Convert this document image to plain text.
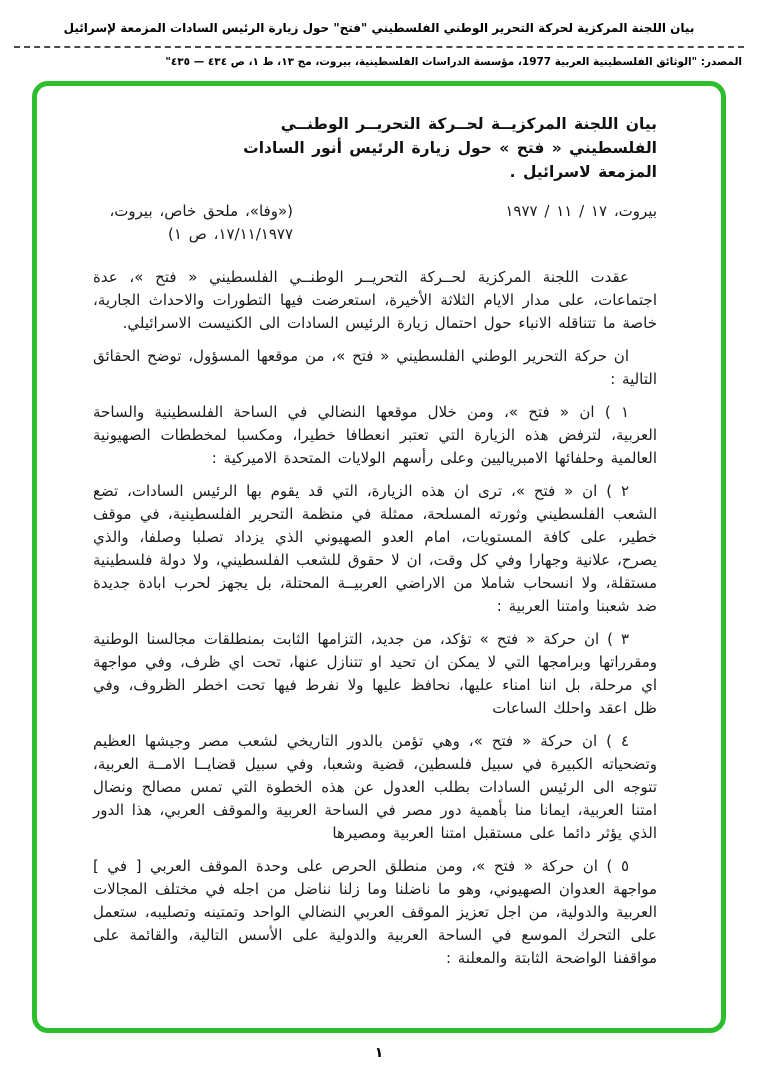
بيان اللجنة المركزية لحركة التحرير الوطني الفلسطيني "فتح" حول زيارة الرئيس السادات المزمعة لإسرائيل
المصدر: "الوثائق الفلسطينية العربية 1977، مؤسسة الدراسات الفلسطينية، بيروت، مج ١٣، ط ١، ص ٤٣٤ — ٤٣٥"
بيان اللجنة المركزيــة لحــركة التحريــر الوطنــي
الفلسطيني « فتح » حول زيارة الرئيس أنور السادات
المزمعة لاسرائيل .
بيروت، ١٧ / ١١ / ١٩٧٧
(«وفا»، ملحق خاص، بيروت، ١٧/١١/١٩٧٧، ص ١)

عقدت اللجنة المركزية لحــركة التحريــر الوطنــي الفلسطيني « فتح »، عدة اجتماعات، على مدار الايام الثلاثة الأخيرة، استعرضت فيها التطورات والاحداث الجارية، خاصة ما تتناقله الانباء حول احتمال زيارة الرئيس السادات الى الكنيست الاسرائيلي.

ان حركة التحرير الوطني الفلسطيني « فتح »، من موقعها المسؤول، توضح الحقائق التالية :

١ ) ان « فتح »، ومن خلال موقعها النضالي في الساحة الفلسطينية والساحة العربية، لترفض هذه الزيارة التي تعتبر انعطافا خطيرا، ومكسبا لمخططات الصهيونية العالمية وحلفائها الامبرياليين وعلى رأسهم الولايات المتحدة الاميركية :

٢ ) ان « فتح »، ترى ان هذه الزيارة، التي قد يقوم بها الرئيس السادات، تضع الشعب الفلسطيني وثورته المسلحة، ممثلة في منظمة التحرير الفلسطينية، في موقف خطير، على كافة المستويات، امام العدو الصهيوني الذي يزداد تصلبا وصلفا، والذي يصرح، علانية وجهارا وفي كل وقت، ان لا حقوق للشعب الفلسطيني، ولا دولة فلسطينية مستقلة، ولا انسحاب شاملا من الاراضي العربيــة المحتلة، بل يجهز لحرب ابادة جديدة ضد شعبنا وامتنا العربية :

٣ ) ان حركة « فتح » تؤكد، من جديد، التزامها الثابت بمنطلقات مجالسنا الوطنية ومقرراتها وبرامجها التي لا يمكن ان تحيد او تتنازل عنها، تحت اي ظرف، وفي مواجهة اي مرحلة، بل اننا امناء عليها، نحافظ عليها ولا نفرط فيها تحت اخطر الظروف، وفي ظل اعقد واحلك الساعات

٤ ) ان حركة « فتح »، وهي تؤمن بالدور التاريخي لشعب مصر وجيشها العظيم وتضحياته الكبيرة في سبيل فلسطين، قضية وشعبا، وفي سبيل قضايــا الامــة العربية، تتوجه الى الرئيس السادات بطلب العدول عن هذه الخطوة التي تمس مصالح ونضال امتنا العربية، ايمانا منا بأهمية دور مصر في الساحة العربية والموقف العربي، هذا الدور الذي يؤثر دائما على مستقبل امتنا العربية ومصيرها

٥ ) ان حركة « فتح »، ومن منطلق الحرص على وحدة الموقف العربي [ في ] مواجهة العدوان الصهيوني، وهو ما ناضلنا وما زلنا نناضل من اجله في مختلف المجالات العربية والدولية، من اجل تعزيز الموقف العربي النضالي الواحد وتمتينه وتصليبه، ستعمل على التحرك الموسع في الساحة العربية والدولية على الأسس التالية، والقائمة على مواقفنا الواضحة الثابتة والمعلنة :

١
